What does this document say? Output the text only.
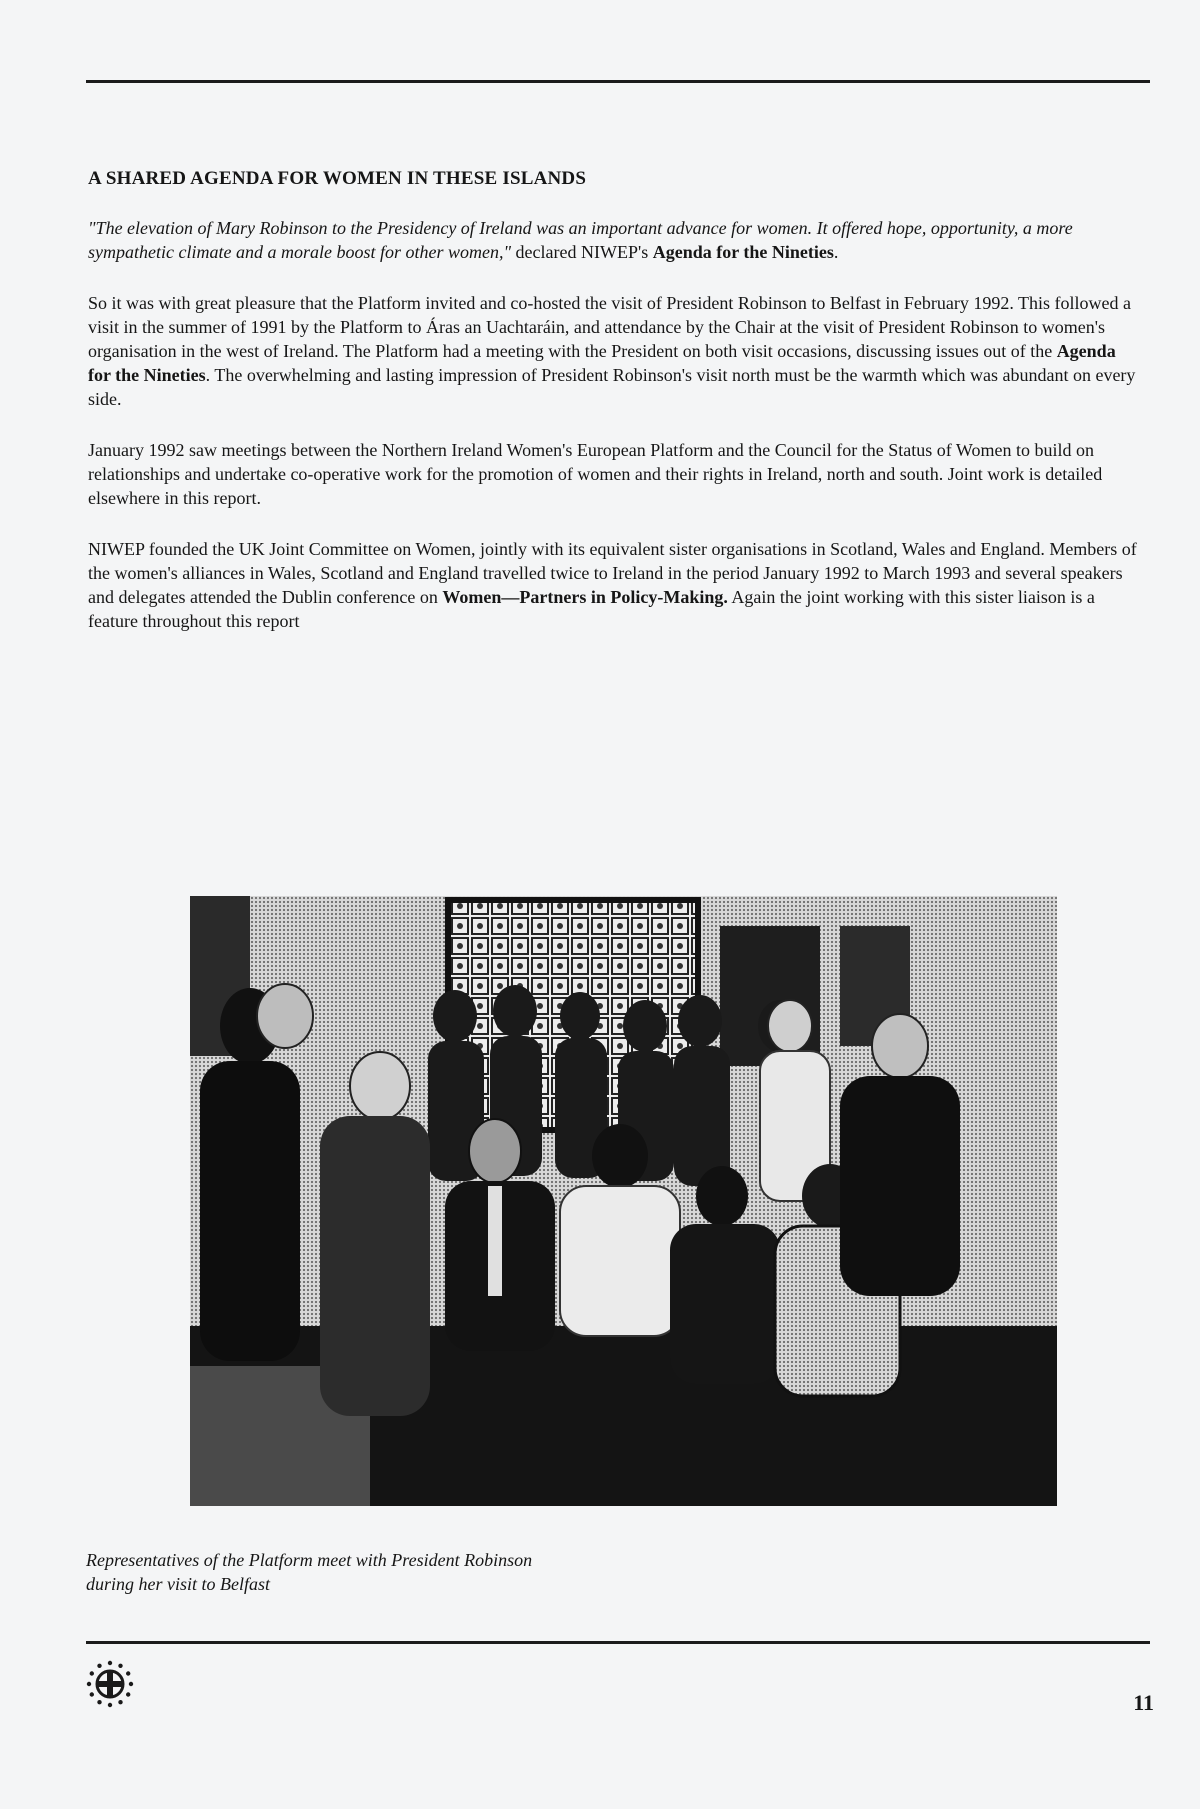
A SHARED AGENDA FOR WOMEN IN THESE ISLANDS

"The elevation of Mary Robinson to the Presidency of Ireland was an important advance for women. It offered hope, opportunity, a more sympathetic climate and a morale boost for other women," declared NIWEP's Agenda for the Nineties.

So it was with great pleasure that the Platform invited and co-hosted the visit of President Robinson to Belfast in February 1992. This followed a visit in the summer of 1991 by the Platform to Áras an Uachtaráin, and attendance by the Chair at the visit of President Robinson to women's organisation in the west of Ireland. The Platform had a meeting with the President on both visit occasions, discussing issues out of the Agenda for the Nineties. The overwhelming and lasting impression of President Robinson's visit north must be the warmth which was abundant on every side.

January 1992 saw meetings between the Northern Ireland Women's European Platform and the Council for the Status of Women to build on relationships and undertake co-operative work for the promotion of women and their rights in Ireland, north and south. Joint work is detailed elsewhere in this report.

NIWEP founded the UK Joint Committee on Women, jointly with its equivalent sister organisations in Scotland, Wales and England. Members of the women's alliances in Wales, Scotland and England travelled twice to Ireland in the period January 1992 to March 1993 and several speakers and delegates attended the Dublin conference on Women—Partners in Policy-Making. Again the joint working with this sister liaison is a feature throughout this report

Representatives of the Platform meet with President Robinson
during her visit to Belfast
11
